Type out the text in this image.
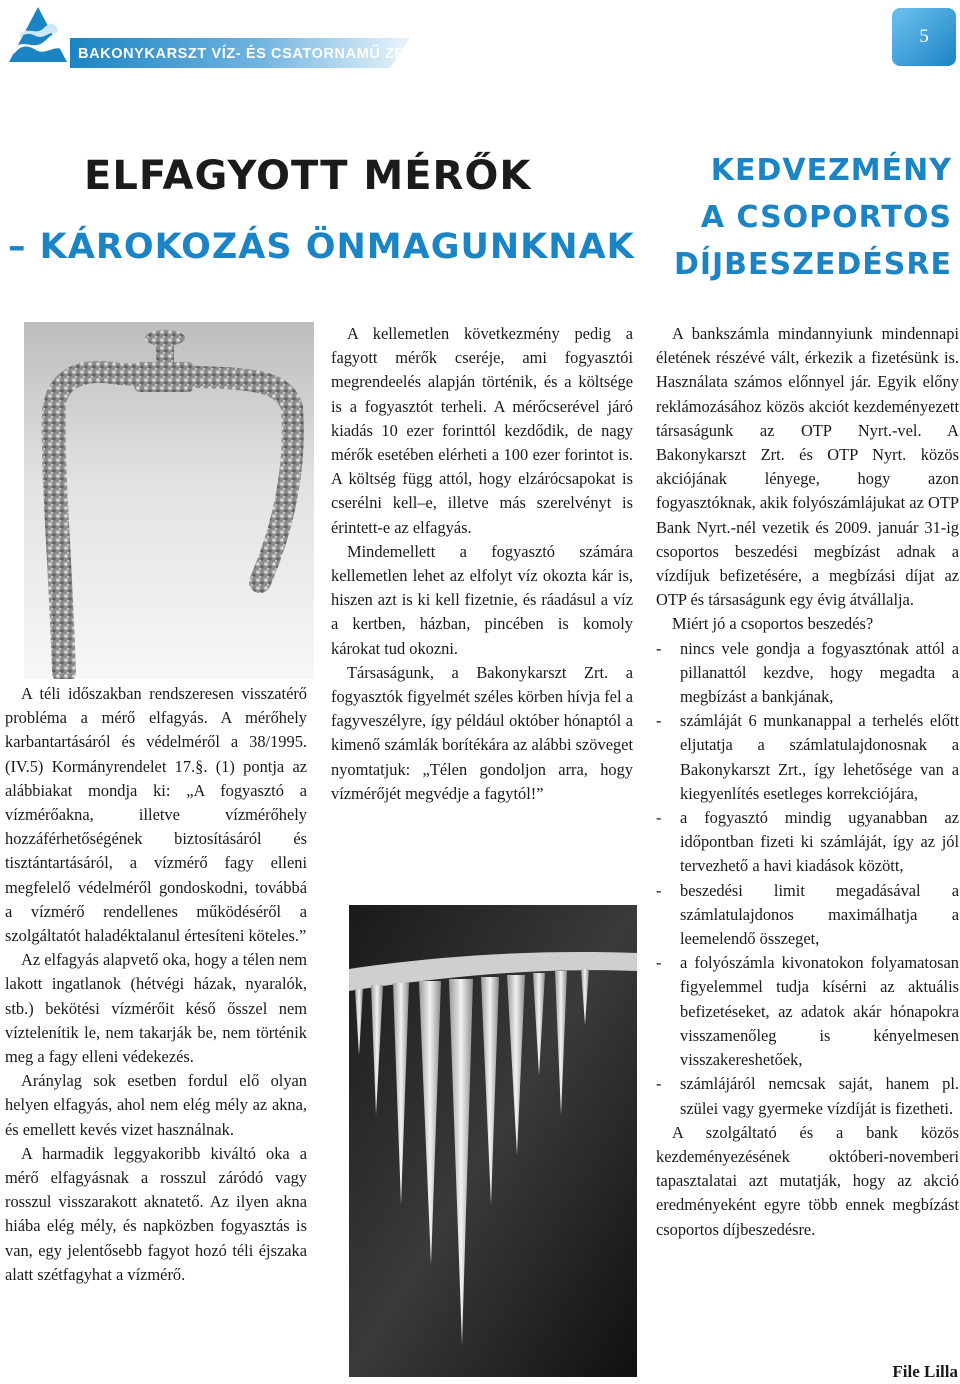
BAKONYKARSZT VÍZ- ÉS CSATORNAMŰ ZRT.
5
ELFAGYOTT MÉRŐK
– KÁROKOZÁS ÖNMAGUNKNAK
KEDVEZMÉNY
A CSOPORTOS
DÍJBESZEDÉSRE

A téli időszakban rendszeresen visszatérő probléma a mérő elfagyás. A mérőhely karbantartásáról és védelméről a 38/1995. (IV.5) Kormányrendelet 17.§. (1) pontja az alábbiakat mondja ki: „A fogyasztó a vízmérőakna, illetve vízmérőhely hozzáférhetőségének biztosításáról és tisztántartásáról, a vízmérő fagy elleni megfelelő védelméről gondoskodni, továbbá a vízmérő rendellenes működéséről a szolgáltatót haladéktalanul értesíteni köteles.”

Az elfagyás alapvető oka, hogy a télen nem lakott ingatlanok (hétvégi házak, nyaralók, stb.) bekötési vízmérőit késő ősszel nem víztelenítik le, nem takarják be, nem történik meg a fagy elleni védekezés.

Aránylag sok esetben fordul elő olyan helyen elfagyás, ahol nem elég mély az akna, és emellett kevés vizet használnak.

A harmadik leggyakoribb kiváltó oka a mérő elfagyásnak a rosszul záródó vagy rosszul visszarakott aknatető. Az ilyen akna hiába elég mély, és napközben fogyasztás is van, egy jelentősebb fagyot hozó téli éjszaka alatt szétfagyhat a vízmérő.

A kellemetlen következmény pedig a fagyott mérők cseréje, ami fogyasztói megrendeelés alapján történik, és a költsége is a fogyasztót terheli. A mérőcserével járó kiadás 10 ezer forinttól kezdődik, de nagy mérők esetében elérheti a 100 ezer forintot is. A költség függ attól, hogy elzárócsapokat is cserélni kell–e, illetve más szerelvényt is érintett-e az elfagyás.

Mindemellett a fogyasztó számára kellemetlen lehet az elfolyt víz okozta kár is, hiszen azt is ki kell fizetnie, és ráadásul a víz a kertben, házban, pincében is komoly károkat tud okozni.

Társaságunk, a Bakonykarszt Zrt. a fogyasztók figyelmét széles körben hívja fel a fagyveszélyre, így például október hónaptól a kimenő számlák borítékára az alábbi szöveget nyomtatjuk: „Télen gondoljon arra, hogy vízmérőjét megvédje a fagytól!”

A bankszámla mindannyiunk mindennapi életének részévé vált, érkezik a fizetésünk is. Használata számos előnnyel jár. Egyik előny reklámozásához közös akciót kezdeményezett társaságunk az OTP Nyrt.-vel. A Bakonykarszt Zrt. és OTP Nyrt. közös akciójának lényege, hogy azon fogyasztóknak, akik folyószámlájukat az OTP Bank Nyrt.-nél vezetik és 2009. január 31-ig csoportos beszedési megbízást adnak a vízdíjuk befizetésére, a megbízási díjat az OTP és társaságunk egy évig átvállalja.

Miért jó a csoportos beszedés?

- nincs vele gondja a fogyasztónak attól a pillanattól kezdve, hogy megadta a megbízást a bankjának,
- számláját 6 munkanappal a terhelés előtt eljutatja a számlatulajdonosnak a Bakonykarszt Zrt., így lehetősége van a kiegyenlítés esetleges korrekciójára,
- a fogyasztó mindig ugyanabban az időpontban fizeti ki számláját, így az jól tervezhető a havi kiadások között,
- beszedési limit megadásával a számlatulajdonos maximálhatja a leemelendő összeget,
- a folyószámla kivonatokon folyamatosan figyelemmel tudja kísérni az aktuális befizetéseket, az adatok akár hónapokra visszamenőleg is kényelmesen visszakereshetőek,
- számlájáról nemcsak saját, hanem pl. szülei vagy gyermeke vízdíját is fizetheti.

A szolgáltató és a bank közös kezdeményezésének októberi-novemberi tapasztalatai azt mutatják, hogy az akció eredményeként egyre több ennek megbízást csoportos díjbeszedésre.

File Lilla
